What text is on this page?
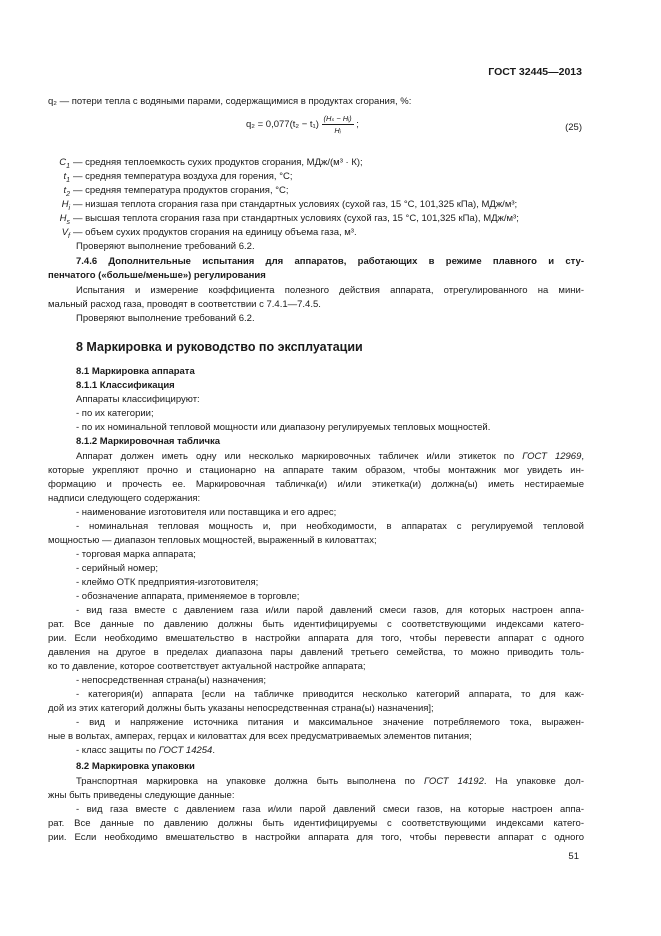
ГОСТ 32445—2013
q₂ — потери тепла с водяными парами, содержащимися в продуктах сгорания, %:
$q_2 = 0,077(t_2 - t_1) \frac{\text{(Hₛ − Hᵢ)}}{\text{Hᵢ}}$ ;	(25)
$C_1$ — средняя теплоемкость сухих продуктов сгорания, МДж/(м³ · К);
$t_1$ — средняя температура воздуха для горения, °С;
$t_2$ — средняя температура продуктов сгорания, °С;
$H_i$ — низшая теплота сгорания газа при стандартных условиях (сухой газ, 15 °С, 101,325 кПа), МДж/м³;
$H_s$ — высшая теплота сгорания газа при стандартных условиях (сухой газ, 15 °С, 101,325 кПа), МДж/м³;
$V_f$ — объем сухих продуктов сгорания на единицу объема газа, м³.
Проверяют выполнение требований 6.2.
7.4.6 Дополнительные испытания для аппаратов, работающих в режиме плавного и сту-
пенчатого («больше/меньше») регулирования
Испытания и измерение коэффициента полезного действия аппарата, отрегулированного на мини-
мальный расход газа, проводят в соответствии с 7.4.1—7.4.5.
Проверяют выполнение требований 6.2.
8 Маркировка и руководство по эксплуатации
8.1 Маркировка аппарата
8.1.1 Классификация
Аппараты классифицируют:
- по их категории;
- по их номинальной тепловой мощности или диапазону регулируемых тепловых мощностей.
8.1.2 Маркировочная табличка
Аппарат должен иметь одну или несколько маркировочных табличек и/или этикеток по ГОСТ 12969,
которые укрепляют прочно и стационарно на аппарате таким образом, чтобы монтажник мог увидеть ин-
формацию и прочесть ее. Маркировочная табличка(и) и/или этикетка(и) должна(ы) иметь нестираемые
надписи следующего содержания:
- наименование изготовителя или поставщика и его адрес;
- номинальная тепловая мощность и, при необходимости, в аппаратах с регулируемой тепловой
мощностью — диапазон тепловых мощностей, выраженный в киловаттах;
- торговая марка аппарата;
- серийный номер;
- клеймо ОТК предприятия-изготовителя;
- обозначение аппарата, применяемое в торговле;
- вид газа вместе с давлением газа и/или парой давлений смеси газов, для которых настроен аппа-
рат. Все данные по давлению должны быть идентифицируемы с соответствующими индексами катего-
рии. Если необходимо вмешательство в настройки аппарата для того, чтобы перевести аппарат с одного
давления на другое в пределах диапазона пары давлений третьего семейства, то можно приводить толь-
ко то давление, которое соответствует актуальной настройке аппарата;
- непосредственная страна(ы) назначения;
- категория(и) аппарата [если на табличке приводится несколько категорий аппарата, то для каж-
дой из этих категорий должны быть указаны непосредственная страна(ы) назначения];
- вид и напряжение источника питания и максимальное значение потребляемого тока, выражен-
ные в вольтах, амперах, герцах и киловаттах для всех предусматриваемых элементов питания;
- класс защиты по ГОСТ 14254.
8.2 Маркировка упаковки
Транспортная маркировка на упаковке должна быть выполнена по ГОСТ 14192. На упаковке дол-
жны быть приведены следующие данные:
- вид газа вместе с давлением газа и/или парой давлений смеси газов, на которые настроен аппа-
рат. Все данные по давлению должны быть идентифицируемы с соответствующими индексами катего-
рии. Если необходимо вмешательство в настройки аппарата для того, чтобы перевести аппарат с одного
51
